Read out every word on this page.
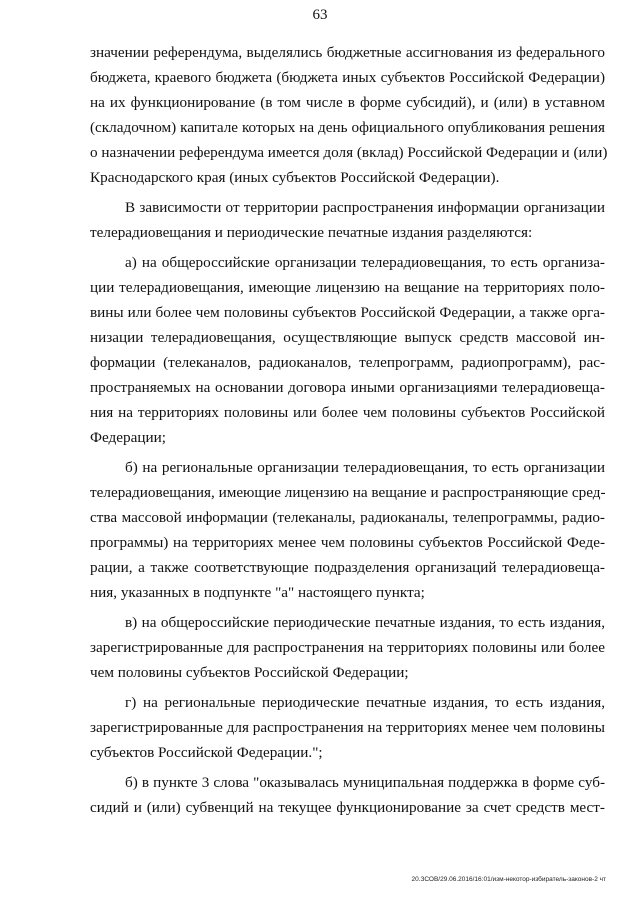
63
значении референдума, выделялись бюджетные ассигнования из федерального
бюджета, краевого бюджета (бюджета иных субъектов Российской Федерации)
на их функционирование (в том числе в форме субсидий), и (или) в уставном
(складочном) капитале которых на день официального опубликования решения
о назначении референдума имеется доля (вклад) Российской Федерации и (или)
Краснодарского края (иных субъектов Российской Федерации).
В зависимости от территории распространения информации организации
телерадиовещания и периодические печатные издания разделяются:
а) на общероссийские организации телерадиовещания, то есть организа-
ции телерадиовещания, имеющие лицензию на вещание на территориях поло-
вины или более чем половины субъектов Российской Федерации, а также орга-
низации телерадиовещания, осуществляющие выпуск средств массовой ин-
формации (телеканалов, радиоканалов, телепрограмм, радиопрограмм), рас-
пространяемых на основании договора иными организациями телерадиовеща-
ния на территориях половины или более чем половины субъектов Российской
Федерации;
б) на региональные организации телерадиовещания, то есть организации
телерадиовещания, имеющие лицензию на вещание и распространяющие сред-
ства массовой информации (телеканалы, радиоканалы, телепрограммы, радио-
программы) на территориях менее чем половины субъектов Российской Феде-
рации, а также соответствующие подразделения организаций телерадиовеща-
ния, указанных в подпункте "а" настоящего пункта;
в) на общероссийские периодические печатные издания, то есть издания,
зарегистрированные для распространения на территориях половины или более
чем половины субъектов Российской Федерации;
г) на региональные периодические печатные издания, то есть издания,
зарегистрированные для распространения на территориях менее чем половины
субъектов Российской Федерации.";
б) в пункте 3 слова "оказывалась муниципальная поддержка в форме суб-
сидий и (или) субвенций на текущее функционирование за счет средств мест-
20.ЗСОВ/29.06.2016/16:01/изм-некотор-избиратель-законов-2 чт
